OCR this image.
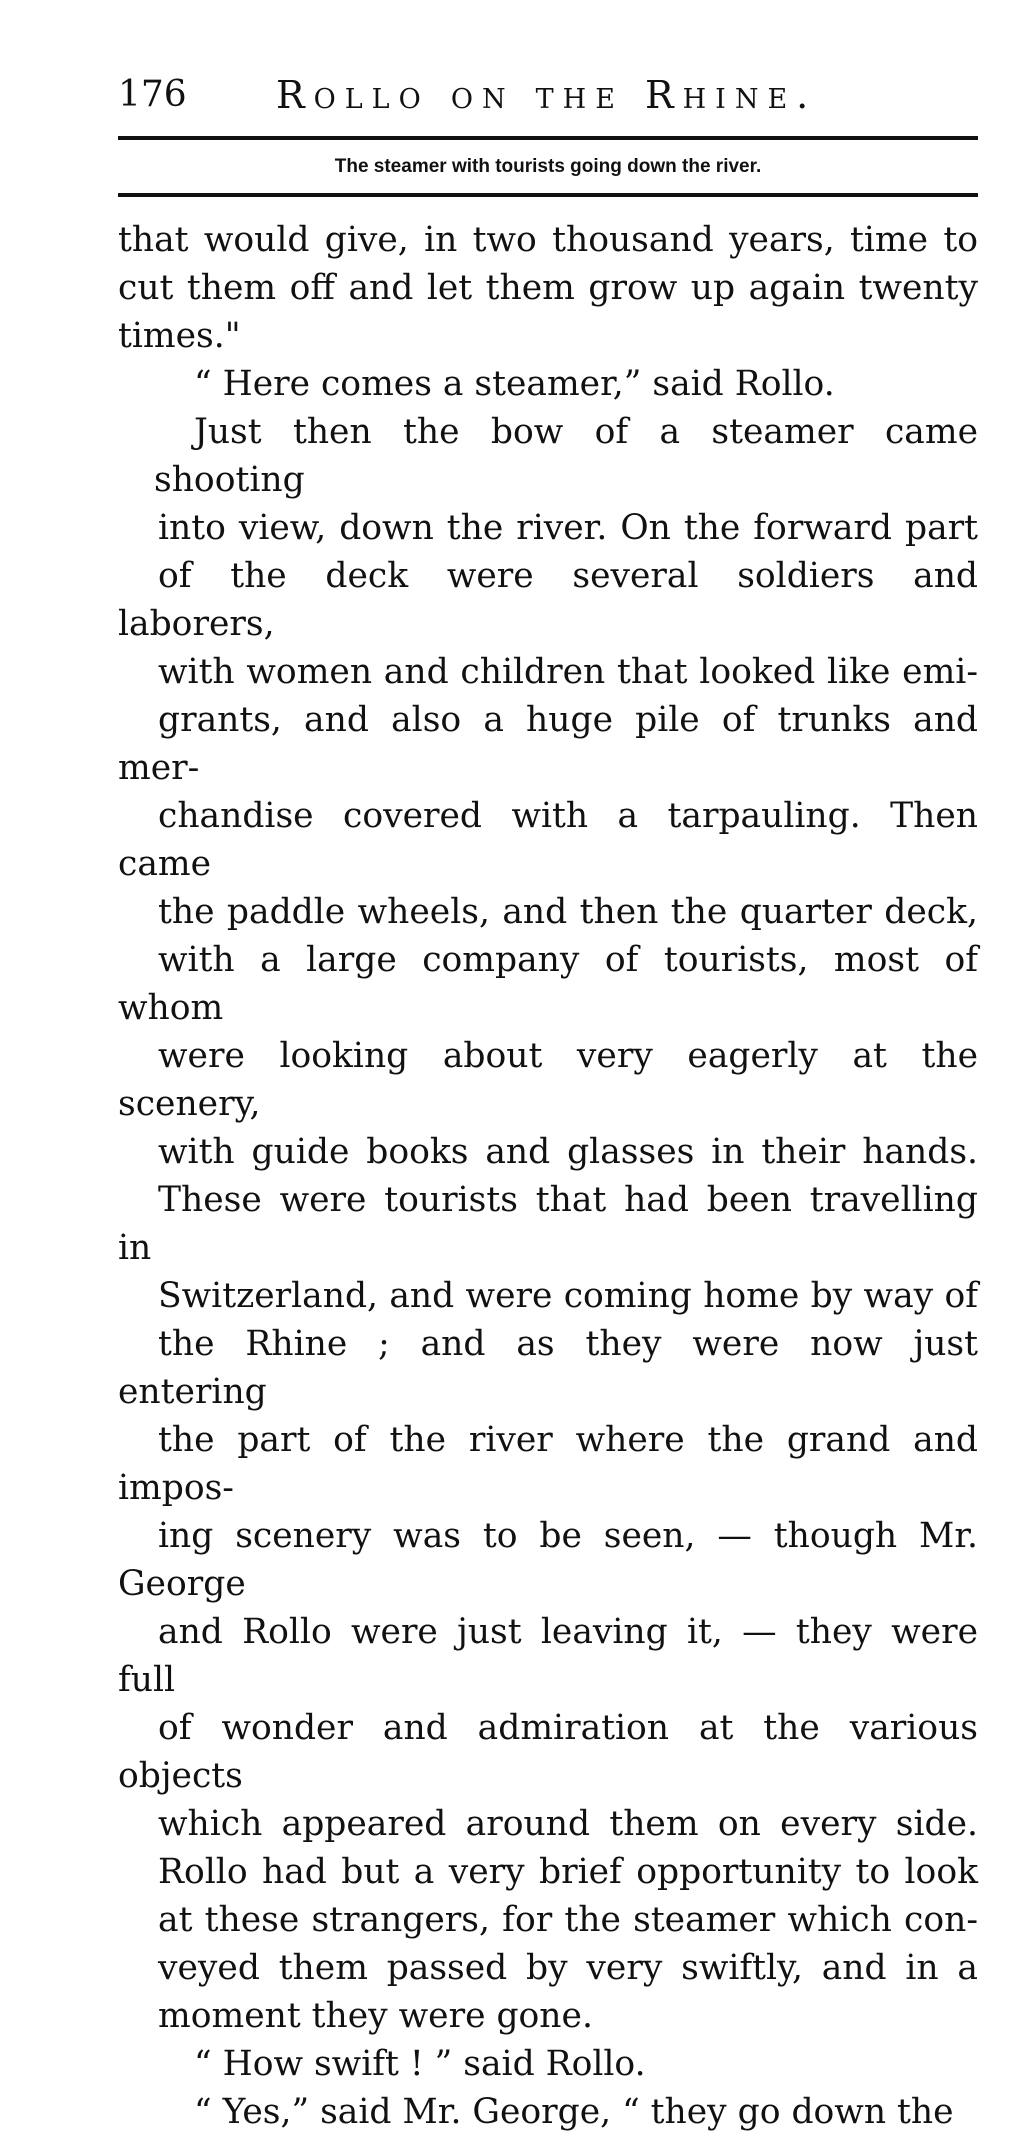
176 Rollo on the Rhine.
The steamer with tourists going down the river.
that would give, in two thousand years, time to
cut them off and let them grow up again twenty
times."
“ Here comes a steamer,” said Rollo.
Just then the bow of a steamer came shooting
into view, down the river. On the forward part
of the deck were several soldiers and laborers,
with women and children that looked like emi-
grants, and also a huge pile of trunks and mer-
chandise covered with a tarpauling. Then came
the paddle wheels, and then the quarter deck,
with a large company of tourists, most of whom
were looking about very eagerly at the scenery,
with guide books and glasses in their hands.
These were tourists that had been travelling in
Switzerland, and were coming home by way of
the Rhine ; and as they were now just entering
the part of the river where the grand and impos-
ing scenery was to be seen, — though Mr. George
and Rollo were just leaving it, — they were full
of wonder and admiration at the various objects
which appeared around them on every side.
Rollo had but a very brief opportunity to look
at these strangers, for the steamer which con-
veyed them passed by very swiftly, and in a
moment they were gone.
“ How swift ! ” said Rollo.
“ Yes,” said Mr. George, “ they go down the
